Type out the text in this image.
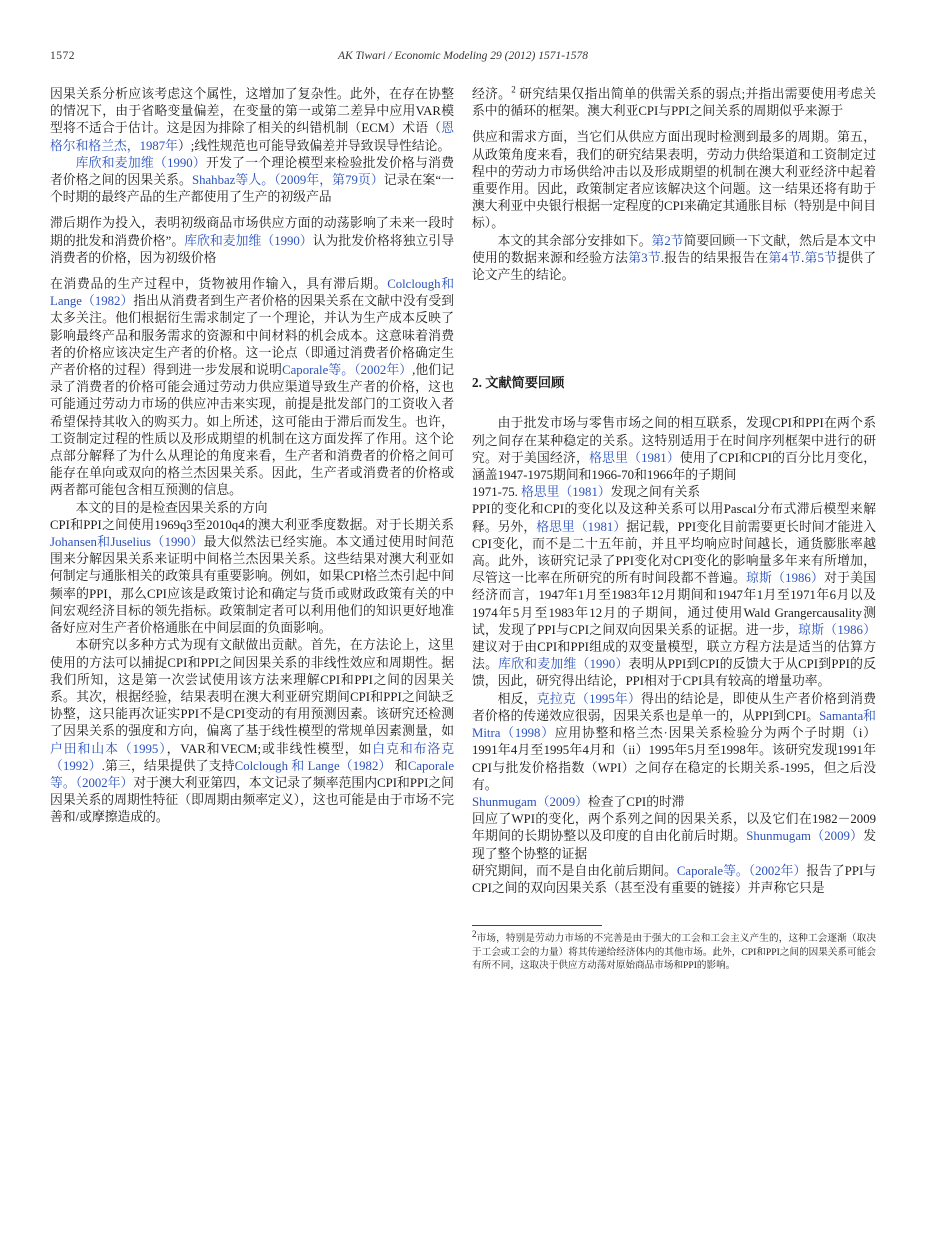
1572	AK Tiwari / Economic Modeling 29 (2012) 1571-1578

因果关系分析应该考虑这个属性，这增加了复杂性。此外，在存在协整的情况下，由于省略变量偏差，在变量的第一或第二差异中应用VAR模型将不适合于估计。这是因为排除了相关的纠错机制（ECM）术语（恩格尔和格兰杰，1987年）;线性规范也可能导致偏差并导致误导性结论。

库欣和麦加维（1990）开发了一个理论模型来检验批发价格与消费者价格之间的因果关系。Shahbaz等人。（2009年，第79页）记录在案“一个时期的最终产品的生产都使用了生产的初级产品

滞后期作为投入，表明初级商品市场供应方面的动荡影响了未来一段时期的批发和消费价格”。库欣和麦加维（1990）认为批发价格将独立引导消费者的价格，因为初级价格

在消费品的生产过程中，货物被用作输入，具有滞后期。Colclough和Lange（1982）指出从消费者到生产者价格的因果关系在文献中没有受到太多关注。他们根据衍生需求制定了一个理论，并认为生产成本反映了影响最终产品和服务需求的资源和中间材料的机会成本。这意味着消费者的价格应该决定生产者的价格。这一论点（即通过消费者价格确定生产者价格的过程）得到进一步发展和说明Caporale等。（2002年）,他们记录了消费者的价格可能会通过劳动力供应渠道导致生产者的价格，这也可能通过劳动力市场的供应冲击来实现，前提是批发部门的工资收入者希望保持其收入的购买力。如上所述，这可能由于滞后而发生。也许，工资制定过程的性质以及形成期望的机制在这方面发挥了作用。这个论点部分解释了为什么从理论的角度来看，生产者和消费者的价格之间可能存在单向或双向的格兰杰因果关系。因此，生产者或消费者的价格或两者都可能包含相互预测的信息。

本文的目的是检查因果关系的方向
CPI和PPI之间使用1969q3至2010q4的澳大利亚季度数据。对于长期关系Johansen和Juselius（1990）最大似然法已经实施。本文通过使用时间范围来分解因果关系来证明中间格兰杰因果关系。这些结果对澳大利亚如何制定与通胀相关的政策具有重要影响。例如，如果CPI格兰杰引起中间频率的PPI，那么CPI应该是政策讨论和确定与货币或财政政策有关的中间宏观经济目标的领先指标。政策制定者可以利用他们的知识更好地准备好应对生产者价格通胀在中间层面的负面影响。

本研究以多种方式为现有文献做出贡献。首先，在方法论上，这里使用的方法可以捕捉CPI和PPI之间因果关系的非线性效应和周期性。据我们所知，这是第一次尝试使用该方法来理解CPI和PPI之间的因果关系。其次，根据经验，结果表明在澳大利亚研究期间CPI和PPI之间缺乏协整，这只能再次证实PPI不是CPI变动的有用预测因素。该研究还检测了因果关系的强度和方向，偏离了基于线性模型的常规单因素测量，如户田和山本（1995），VAR和VECM;或非线性模型，如白克和布洛克（1992）.第三，结果提供了支持Colclough 和 Lange（1982） 和Caporale等。（2002年）对于澳大利亚第四，本文记录了频率范围内CPI和PPI之间因果关系的周期性特征（即周期由频率定义），这也可能是由于市场不完善和/或摩擦造成的。

经济。$^2$ 研究结果仅指出简单的供需关系的弱点;并指出需要使用考虑关系中的循环的框架。澳大利亚CPI与PPI之间关系的周期似乎来源于

供应和需求方面，当它们从供应方面出现时检测到最多的周期。第五，从政策角度来看，我们的研究结果表明，劳动力供给渠道和工资制定过程中的劳动力市场供给冲击以及形成期望的机制在澳大利亚经济中起着重要作用。因此，政策制定者应该解决这个问题。这一结果还将有助于澳大利亚中央银行根据一定程度的CPI来确定其通胀目标（特别是中间目标）。

本文的其余部分安排如下。第2节简要回顾一下文献，然后是本文中使用的数据来源和经验方法第3节.报告的结果报告在第4节.第5节提供了论文产生的结论。

2. 文献简要回顾

由于批发市场与零售市场之间的相互联系，发现CPI和PPI在两个系列之间存在某种稳定的关系。这特别适用于在时间序列框架中进行的研究。对于美国经济，格思里（1981）使用了CPI和CPI的百分比月变化，涵盖1947-1975期间和1966-70和1966年的子期间
1971-75. 格思里（1981）发现之间有关系
PPI的变化和CPI的变化以及这种关系可以用Pascal分布式滞后模型来解释。另外，格思里（1981）据记载，PPI变化目前需要更长时间才能进入CPI变化，而不是二十五年前，并且平均响应时间越长，通货膨胀率越高。此外，该研究记录了PPI变化对CPI变化的影响量多年来有所增加，尽管这一比率在所研究的所有时间段都不普遍。琼斯（1986）对于美国经济而言，1947年1月至1983年12月期间和1947年1月至1971年6月以及1974年5月至1983年12月的子期间，通过使用Wald Grangercausality测试，发现了PPI与CPI之间双向因果关系的证据。进一步，琼斯（1986）建议对于由CPI和PPI组成的双变量模型，联立方程方法是适当的估算方法。库欣和麦加维（1990）表明从PPI到CPI的反馈大于从CPI到PPI的反馈，因此，研究得出结论，PPI相对于CPI具有较高的增量功率。

相反，克拉克（1995年）得出的结论是，即使从生产者价格到消费者价格的传递效应很弱，因果关系也是单一的，从PPI到CPI。Samanta和Mitra（1998）应用协整和格兰杰·因果关系检验分为两个子时期（i）1991年4月至1995年4月和（ii）1995年5月至1998年。该研究发现1991年CPI与批发价格指数（WPI）之间存在稳定的长期关系-1995，但之后没有。
Shunmugam（2009）检查了CPI的时滞
回应了WPI的变化，两个系列之间的因果关系，以及它们在1982－2009年期间的长期协整以及印度的自由化前后时期。Shunmugam（2009）发现了整个协整的证据
研究期间，而不是自由化前后期间。Caporale等。（2002年）报告了PPI与CPI之间的双向因果关系（甚至没有重要的链接）并声称它只是

$^2$市场，特别是劳动力市场的不完善是由于强大的工会和工会主义产生的，这种工会逐渐（取决于工会或工会的力量）将其传递给经济体内的其他市场。此外，CPI和PPI之间的因果关系可能会有所不同，这取决于供应方动荡对原始商品市场和PPI的影响。
